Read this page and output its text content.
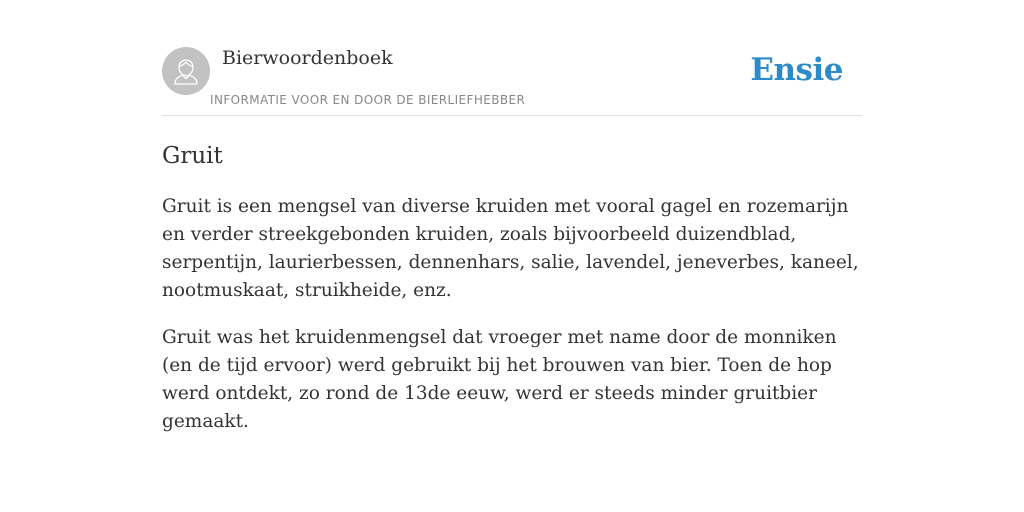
Bierwoordenboek
INFORMATIE VOOR EN DOOR DE BIERLIEFHEBBER
Ensie
Gruit

Gruit is een mengsel van diverse kruiden met vooral gagel en rozemarijn en verder streekgebonden kruiden, zoals bijvoorbeeld duizendblad, serpentijn, laurierbessen, dennenhars, salie, lavendel, jeneverbes, kaneel, nootmuskaat, struikheide, enz.

Gruit was het kruidenmengsel dat vroeger met name door de monniken (en de tijd ervoor) werd gebruikt bij het brouwen van bier. Toen de hop werd ontdekt, zo rond de 13de eeuw, werd er steeds minder gruitbier gemaakt.
